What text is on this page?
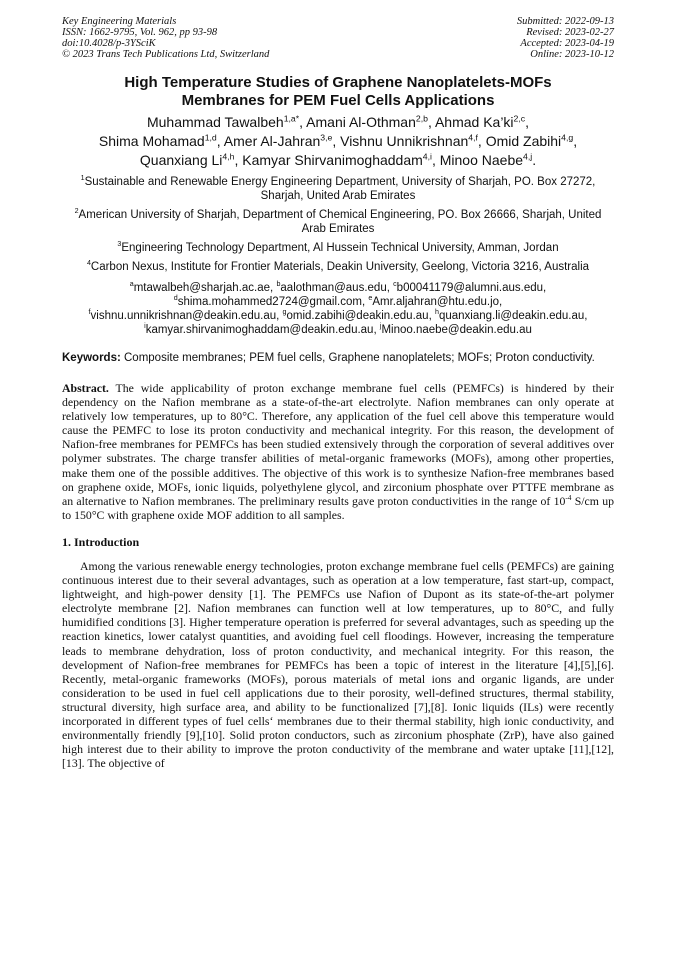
Key Engineering Materials
ISSN: 1662-9795, Vol. 962, pp 93-98
doi:10.4028/p-3YSciK
© 2023 Trans Tech Publications Ltd, Switzerland
Submitted: 2022-09-13
Revised: 2023-02-27
Accepted: 2023-04-19
Online: 2023-10-12
High Temperature Studies of Graphene Nanoplatelets-MOFs
Membranes for PEM Fuel Cells Applications
Muhammad Tawalbeh$^{1,a*}$, Amani Al-Othman$^{2,b}$, Ahmad Ka’ki$^{2,c}$,
Shima Mohamad$^{1,d}$, Amer Al-Jahran$^{3,e}$, Vishnu Unnikrishnan$^{4,f}$, Omid Zabihi$^{4,g}$,
Quanxiang Li$^{4,h}$, Kamyar Shirvanimoghaddam$^{4,i}$, Minoo Naebe$^{4,j}$.
$^1$Sustainable and Renewable Energy Engineering Department, University of Sharjah, PO. Box 27272, Sharjah, United Arab Emirates
$^2$American University of Sharjah, Department of Chemical Engineering, PO. Box 26666, Sharjah, United Arab Emirates
$^3$Engineering Technology Department, Al Hussein Technical University, Amman, Jordan
$^4$Carbon Nexus, Institute for Frontier Materials, Deakin University, Geelong, Victoria 3216, Australia
$^a$mtawalbeh@sharjah.ac.ae, $^b$aalothman@aus.edu, $^c$b00041179@alumni.aus.edu,
$^d$shima.mohammed2724@gmail.com, $^e$Amr.aljahran@htu.edu.jo,
$^f$vishnu.unnikrishnan@deakin.edu.au, $^g$omid.zabihi@deakin.edu.au, $^h$quanxiang.li@deakin.edu.au,
$^i$kamyar.shirvanimoghaddam@deakin.edu.au, $^j$Minoo.naebe@deakin.edu.au
Keywords: Composite membranes; PEM fuel cells, Graphene nanoplatelets; MOFs; Proton conductivity.
Abstract. The wide applicability of proton exchange membrane fuel cells (PEMFCs) is hindered by their dependency on the Nafion membrane as a state-of-the-art electrolyte. Nafion membranes can only operate at relatively low temperatures, up to 80°C. Therefore, any application of the fuel cell above this temperature would cause the PEMFC to lose its proton conductivity and mechanical integrity. For this reason, the development of Nafion-free membranes for PEMFCs has been studied extensively through the corporation of several additives over polymer substrates. The charge transfer abilities of metal-organic frameworks (MOFs), among other properties, make them one of the possible additives. The objective of this work is to synthesize Nafion-free membranes based on graphene oxide, MOFs, ionic liquids, polyethylene glycol, and zirconium phosphate over PTTFE membrane as an alternative to Nafion membranes. The preliminary results gave proton conductivities in the range of $10^{-4}$ S/cm up to 150°C with graphene oxide MOF addition to all samples.
1. Introduction
Among the various renewable energy technologies, proton exchange membrane fuel cells (PEMFCs) are gaining continuous interest due to their several advantages, such as operation at a low temperature, fast start-up, compact, lightweight, and high-power density [1]. The PEMFCs use Nafion of Dupont as its state-of-the-art polymer electrolyte membrane [2]. Nafion membranes can function well at low temperatures, up to 80°C, and fully humidified conditions [3]. Higher temperature operation is preferred for several advantages, such as speeding up the reaction kinetics, lower catalyst quantities, and avoiding fuel cell floodings. However, increasing the temperature leads to membrane dehydration, loss of proton conductivity, and mechanical integrity. For this reason, the development of Nafion-free membranes for PEMFCs has been a topic of interest in the literature [4],[5],[6]. Recently, metal-organic frameworks (MOFs), porous materials of metal ions and organic ligands, are under consideration to be used in fuel cell applications due to their porosity, well-defined structures, thermal stability, structural diversity, high surface area, and ability to be functionalized [7],[8]. Ionic liquids (ILs) were recently incorporated in different types of fuel cells‘ membranes due to their thermal stability, high ionic conductivity, and environmentally friendly [9],[10]. Solid proton conductors, such as zirconium phosphate (ZrP), have also gained high interest due to their ability to improve the proton conductivity of the membrane and water uptake [11],[12],[13]. The objective of
